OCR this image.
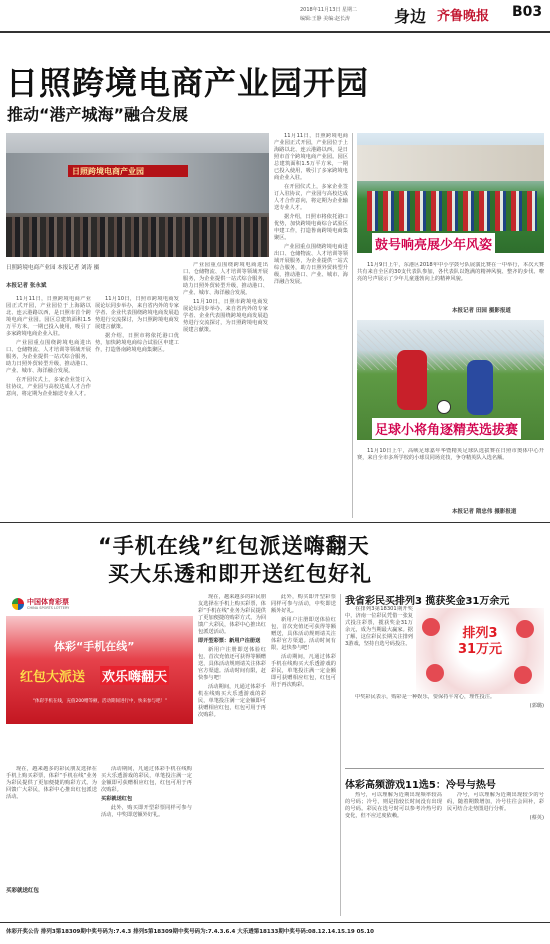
2018年11月13日 星期二
编辑:王静 美编:赵长涛	身边 齐鲁晚报 B03
日照跨境电商产业园开园
推动“港产城海”融合发展
日照跨境电商产业园
日照跨境电商产业园 本报记者 刘涛 摄
本报记者 张永斌

11月11日，日照跨境电商产业园正式开园，产业园位于上海路以北、连云港路以西，是日照市首个跨境电商产业园。园区总建筑面积1.5万平方米，一期已投入使用，吸引了多家跨境电商企业入驻。

产业园重点围绕跨境电商进出口、仓储物流、人才培训等领域开展服务，为企业提供一站式综合服务，助力日照外贸转型升级，推动港口、产业、城市、海洋融合发展。

在开园仪式上，多家企业签订入驻协议，产业园与高校达成人才合作意向，将定期为企业输送专业人才。

11月10日，日照市跨境电商发展论坛同步举办，来自省内外的专家学者、企业代表围绕跨境电商发展趋势进行交流探讨，为日照跨境电商发展建言献策。

据介绍，日照市将依托港口优势，加快跨境电商综合试验区申建工作，打造鲁南跨境电商集聚区。

产业园重点围绕跨境电商进出口、仓储物流、人才培训等领域开展服务，为企业提供一站式综合服务，助力日照外贸转型升级，推动港口、产业、城市、海洋融合发展。

11月10日，日照市跨境电商发展论坛同步举办，来自省内外的专家学者、企业代表围绕跨境电商发展趋势进行交流探讨，为日照跨境电商发展建言献策。

11月11日，日照跨境电商产业园正式开园，产业园位于上海路以北、连云港路以西，是日照市首个跨境电商产业园。园区总建筑面积1.5万平方米，一期已投入使用，吸引了多家跨境电商企业入驻。

在开园仪式上，多家企业签订入驻协议，产业园与高校达成人才合作意向，将定期为企业输送专业人才。

据介绍，日照市将依托港口优势，加快跨境电商综合试验区申建工作，打造鲁南跨境电商集聚区。

产业园重点围绕跨境电商进出口、仓储物流、人才培训等领域开展服务，为企业提供一站式综合服务，助力日照外贸转型升级，推动港口、产业、城市、海洋融合发展。

鼓号响亮展少年风姿
11月9日上午，东港区2018年中小学鼓号队展演比赛在一中举行，本次大赛共有来自全区的30支代表队参加，各代表队以饱满的精神风貌、整齐的步伐、嘹亮的号声展示了少年儿童蓬勃向上的精神风貌。
本报记者 田园 摄影报道
足球小将角逐精英选拔赛
11月10日上午，高峡足球嘉年华暨精英足球队选拔赛在日照市奥体中心开赛，来自全市多所学校的小球员同场竞技，争夺精英队入选名额。
本报记者 隋忠伟 摄影报道
“手机在线”红包派送嗨翻天
买大乐透和即开送红包好礼
中国体育彩票
CHINA SPORTS LOTTERY
体彩“手机在线”
红包大派送 欢乐嗨翻天
“体彩手机在线，充值200赠等额，活动期间进行中，快来参与吧！”
现在，越来越多的彩民朋友选择在手机上购买彩票，体彩“手机在线”业务为彩民提供了更加便捷的购彩方式。为回馈广大彩民，体彩中心推出红包派送活动。
买彩就送红包

活动期间，凡通过体彩手机在线购买大乐透游戏的彩民，单笔投注满一定金额即可获赠相应红包，红包可用于再次购彩。

买彩就送红包

此外，购买即开型彩票同样可参与活动，中奖即送额外好礼。

现在，越来越多的彩民朋友选择在手机上购买彩票，体彩“手机在线”业务为彩民提供了更加便捷的购彩方式。为回馈广大彩民，体彩中心推出红包派送活动。

即开型彩票：新用户注册送

新用户注册即送体验红包，首次充值还可获得等额赠送，具体活动规则请关注体彩官方渠道。活动时间有限，赶快参与吧！

活动期间，凡通过体彩手机在线购买大乐透游戏的彩民，单笔投注满一定金额即可获赠相应红包，红包可用于再次购彩。

此外，购买即开型彩票同样可参与活动，中奖即送额外好礼。

新用户注册即送体验红包，首次充值还可获得等额赠送，具体活动规则请关注体彩官方渠道。活动时间有限，赶快参与吧！

活动期间，凡通过体彩手机在线购买大乐透游戏的彩民，单笔投注满一定金额即可获赠相应红包，红包可用于再次购彩。

我省彩民买排列3 揽获奖金31万余元

在排列3第18301期开奖中，济南一位彩民凭借一张复式投注彩票，揽获奖金31万余元，成为当期最大赢家。据了解，这位彩民长期关注排列3游戏，坚持自选号码投注。

排列3
31万元

中奖彩民表示，购彩是一种娱乐，要保持平常心，理性投注。

(郭璐)

体彩高频游戏11选5：冷号与热号

热号，可以理解为近期出现频率较高的号码；冷号，则是指较长时间没有出现的号码。彩民在选号时可以参考冷热号的变化，但不应过度依赖。

冷号，可以理解为近期出现较少的号码，随着期数增加，冷号往往会回补，彩民可结合走势图进行分析。

(蔡英)

体彩开奖公告 排列3第18309期中奖号码为:7.4.3 排列5第18309期中奖号码为:7.4.3.6.4 大乐透第18133期中奖号码:08.12.14.15.19 05.10
